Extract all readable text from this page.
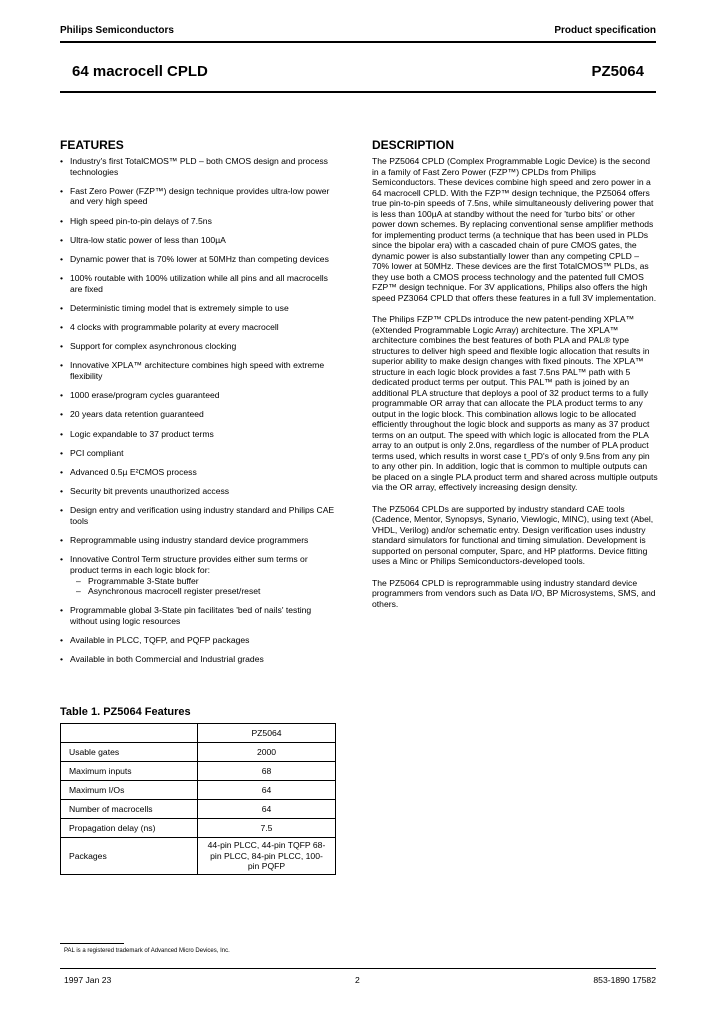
Philips Semiconductors	Product specification
64 macrocell CPLD	PZ5064
FEATURES
• Industry's first TotalCMOS™ PLD – both CMOS design and process technologies
• Fast Zero Power (FZP™) design technique provides ultra-low power and very high speed
• High speed pin-to-pin delays of 7.5ns
• Ultra-low static power of less than 100µA
• Dynamic power that is 70% lower at 50MHz than competing devices
• 100% routable with 100% utilization while all pins and all macrocells are fixed
• Deterministic timing model that is extremely simple to use
• 4 clocks with programmable polarity at every macrocell
• Support for complex asynchronous clocking
• Innovative XPLA™ architecture combines high speed with extreme flexibility
• 1000 erase/program cycles guaranteed
• 20 years data retention guaranteed
• Logic expandable to 37 product terms
• PCI compliant
• Advanced 0.5µ E²CMOS process
• Security bit prevents unauthorized access
• Design entry and verification using industry standard and Philips CAE tools
• Reprogrammable using industry standard device programmers
• Innovative Control Term structure provides either sum terms or product terms in each logic block for:
– Programmable 3-State buffer
– Asynchronous macrocell register preset/reset
• Programmable global 3-State pin facilitates 'bed of nails' testing without using logic resources
• Available in PLCC, TQFP, and PQFP packages
• Available in both Commercial and Industrial grades
Table 1. PZ5064 Features
	PZ5064
Usable gates	2000
Maximum inputs	68
Maximum I/Os	64
Number of macrocells	64
Propagation delay (ns)	7.5
Packages	44-pin PLCC, 44-pin TQFP 68-pin PLCC, 84-pin PLCC, 100-pin PQFP
DESCRIPTION

The PZ5064 CPLD (Complex Programmable Logic Device) is the second in a family of Fast Zero Power (FZP™) CPLDs from Philips Semiconductors. These devices combine high speed and zero power in a 64 macrocell CPLD. With the FZP™ design technique, the PZ5064 offers true pin-to-pin speeds of 7.5ns, while simultaneously delivering power that is less than 100µA at standby without the need for 'turbo bits' or other power down schemes. By replacing conventional sense amplifier methods for implementing product terms (a technique that has been used in PLDs since the bipolar era) with a cascaded chain of pure CMOS gates, the dynamic power is also substantially lower than any competing CPLD – 70% lower at 50MHz. These devices are the first TotalCMOS™ PLDs, as they use both a CMOS process technology and the patented full CMOS FZP™ design technique. For 3V applications, Philips also offers the high speed PZ3064 CPLD that offers these features in a full 3V implementation.

The Philips FZP™ CPLDs introduce the new patent-pending XPLA™ (eXtended Programmable Logic Array) architecture. The XPLA™ architecture combines the best features of both PLA and PAL® type structures to deliver high speed and flexible logic allocation that results in superior ability to make design changes with fixed pinouts. The XPLA™ structure in each logic block provides a fast 7.5ns PAL™ path with 5 dedicated product terms per output. This PAL™ path is joined by an additional PLA structure that deploys a pool of 32 product terms to a fully programmable OR array that can allocate the PLA product terms to any output in the logic block. This combination allows logic to be allocated efficiently throughout the logic block and supports as many as 37 product terms on an output. The speed with which logic is allocated from the PLA array to an output is only 2.0ns, regardless of the number of PLA product terms used, which results in worst case t_PD's of only 9.5ns from any pin to any other pin. In addition, logic that is common to multiple outputs can be placed on a single PLA product term and shared across multiple outputs via the OR array, effectively increasing design density.

The PZ5064 CPLDs are supported by industry standard CAE tools (Cadence, Mentor, Synopsys, Synario, Viewlogic, MINC), using text (Abel, VHDL, Verilog) and/or schematic entry. Design verification uses industry standard simulators for functional and timing simulation. Development is supported on personal computer, Sparc, and HP platforms. Device fitting uses a Minc or Philips Semiconductors-developed tools.

The PZ5064 CPLD is reprogrammable using industry standard device programmers from vendors such as Data I/O, BP Microsystems, SMS, and others.

PAL is a registered trademark of Advanced Micro Devices, Inc.
1997 Jan 23	2	853-1890 17582
